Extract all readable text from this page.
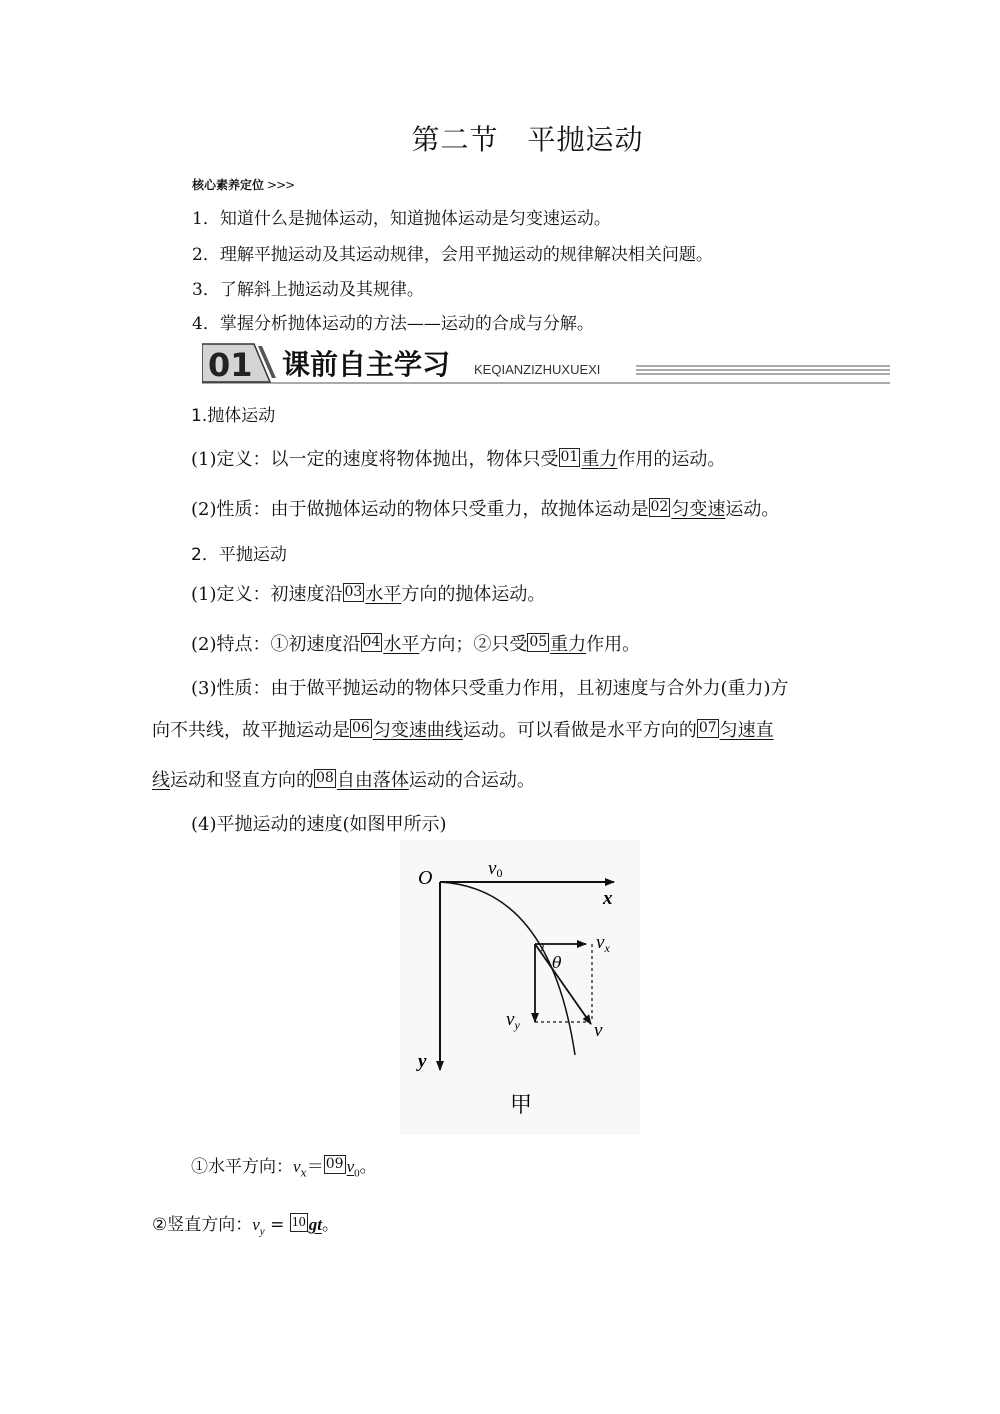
第二节　平抛运动
核心素养定位 >>>
1．知道什么是抛体运动，知道抛体运动是匀变速运动。
2．理解平抛运动及其运动规律，会用平抛运动的规律解决相关问题。
3．了解斜上抛运动及其规律。
4．掌握分析抛体运动的方法——运动的合成与分解。
01 课前自主学习 KEQIANZIZHUXUEXI
1.抛体运动
(1)定义：以一定的速度将物体抛出，物体只受 01 重力作用的运动。
(2)性质：由于做抛体运动的物体只受重力，故抛体运动是 02 匀变速运动。
2．平抛运动
(1)定义：初速度沿 03 水平方向的抛体运动。
(2)特点：①初速度沿 04 水平方向；②只受 05 重力作用。
(3)性质：由于做平抛运动的物体只受重力作用，且初速度与合外力(重力)方
向不共线，故平抛运动是 06 匀变速曲线运动。可以看做是水平方向的 07 匀速直
线运动和竖直方向的 08 自由落体运动的合运动。
(4)平抛运动的速度(如图甲所示)
O	v0
x
y
$v_x$
θ
$v_y$	v
甲
①水平方向：$v_x= 09$ $v_0$。
②竖直方向：$v_y = 10$ gt。
